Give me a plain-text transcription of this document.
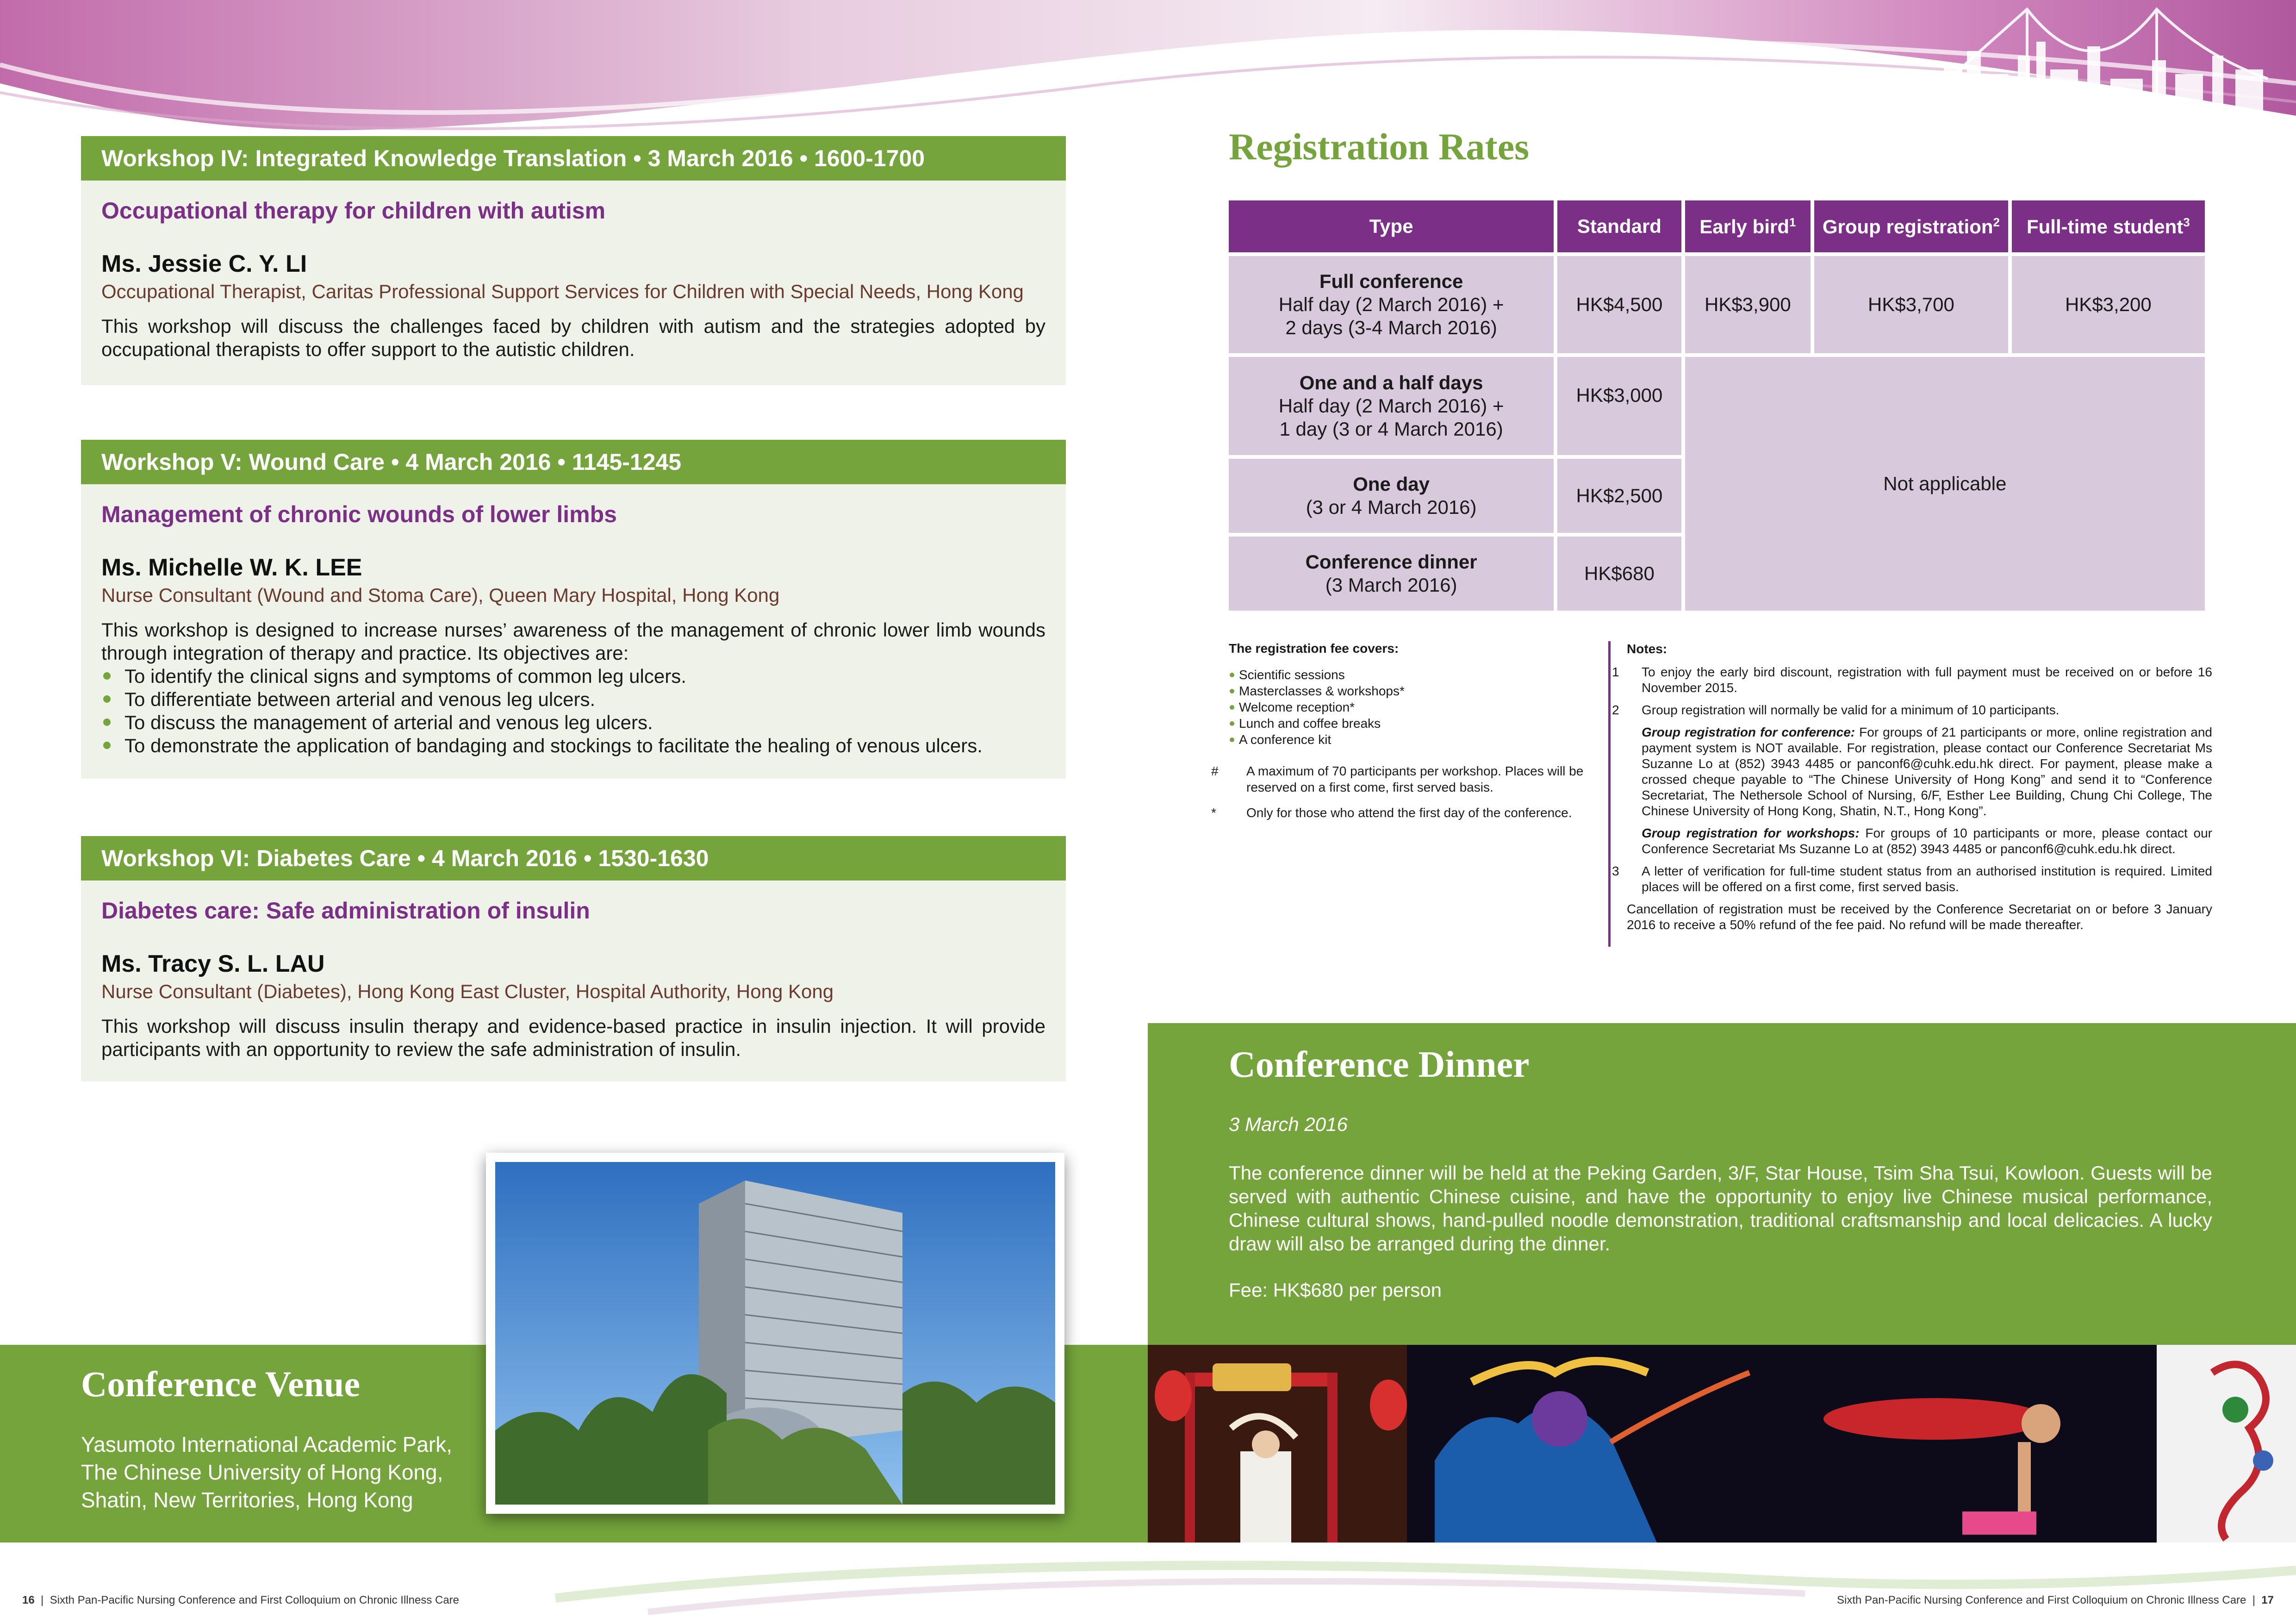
Workshop IV: Integrated Knowledge Translation • 3 March 2016 • 1600-1700

Occupational therapy for children with autism

Ms. Jessie C. Y. LI

Occupational Therapist, Caritas Professional Support Services for Children with Special Needs, Hong Kong

This workshop will discuss the challenges faced by children with autism and the strategies adopted by occupational therapists to offer support to the autistic children.

Workshop V: Wound Care • 4 March 2016 • 1145-1245

Management of chronic wounds of lower limbs

Ms. Michelle W. K. LEE

Nurse Consultant (Wound and Stoma Care), Queen Mary Hospital, Hong Kong

This workshop is designed to increase nurses’ awareness of the management of chronic lower limb wounds through integration of therapy and practice. Its objectives are:

To identify the clinical signs and symptoms of common leg ulcers.
To differentiate between arterial and venous leg ulcers.
To discuss the management of arterial and venous leg ulcers.
To demonstrate the application of bandaging and stockings to facilitate the healing of venous ulcers.
Workshop VI: Diabetes Care • 4 March 2016 • 1530-1630

Diabetes care: Safe administration of insulin

Ms. Tracy S. L. LAU

Nurse Consultant (Diabetes), Hong Kong East Cluster, Hospital Authority, Hong Kong

This workshop will discuss insulin therapy and evidence-based practice in insulin injection. It will provide participants with an opportunity to review the safe administration of insulin.

Registration Rates
Type	Standard	Early bird$^1$	Group registration$^2$	Full-time student$^3$
Full conference
Half day (2 March 2016) +
2 days (3-4 March 2016)	HK$4,500	HK$3,900	HK$3,700	HK$3,200
One and a half days
Half day (2 March 2016) +
1 day (3 or 4 March 2016)	HK$3,000	Not applicable		
One day
(3 or 4 March 2016)	HK$2,500			
Conference dinner
(3 March 2016)	HK$680			
The registration fee covers:
Scientific sessions
Masterclasses & workshops*
Welcome reception*
Lunch and coffee breaks
A conference kit
# A maximum of 70 participants per workshop. Places will be reserved on a first come, first served basis.
* Only for those who attend the first day of the conference.
Notes:

1 To enjoy the early bird discount, registration with full payment must be received on or before 16 November 2015.

2 Group registration will normally be valid for a minimum of 10 participants.

Group registration for conference: For groups of 21 participants or more, online registration and payment system is NOT available. For registration, please contact our Conference Secretariat Ms Suzanne Lo at (852) 3943 4485 or panconf6@cuhk.edu.hk direct. For payment, please make a crossed cheque payable to “The Chinese University of Hong Kong” and send it to “Conference Secretariat, The Nethersole School of Nursing, 6/F, Esther Lee Building, Chung Chi College, The Chinese University of Hong Kong, Shatin, N.T., Hong Kong”.

Group registration for workshops: For groups of 10 participants or more, please contact our Conference Secretariat Ms Suzanne Lo at (852) 3943 4485 or panconf6@cuhk.edu.hk direct.

3 A letter of verification for full-time student status from an authorised institution is required. Limited places will be offered on a first come, first served basis.

Cancellation of registration must be received by the Conference Secretariat on or before 3 January 2016 to receive a 50% refund of the fee paid. No refund will be made thereafter.

Conference Dinner
3 March 2016

The conference dinner will be held at the Peking Garden, 3/F, Star House, Tsim Sha Tsui, Kowloon. Guests will be served with authentic Chinese cuisine, and have the opportunity to enjoy live Chinese musical performance, Chinese cultural shows, hand-pulled noodle demonstration, traditional craftsmanship and local delicacies. A lucky draw will also be arranged during the dinner.

Fee: HK$680 per person
Conference Venue
Yasumoto International Academic Park,
The Chinese University of Hong Kong,
Shatin, New Territories, Hong Kong
16  |  Sixth Pan-Pacific Nursing Conference and First Colloquium on Chronic Illness Care	Sixth Pan-Pacific Nursing Conference and First Colloquium on Chronic Illness Care  |  17
